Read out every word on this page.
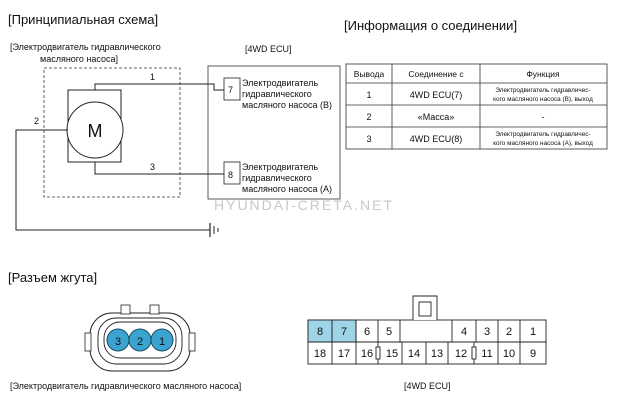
[Принципиальная схема]
[Электродвигатель гидравлического
масляного насоса]
[4WD ECU]
M
1
2
3
7
8
Электродвигатель
гидравлического
масляного насоса (B)
Электродвигатель
гидравлического
масляного насоса (A)
HYUNDAI-CRETA.NET
[Информация о соединении]
Вывода	Соединение с	Функция
1	4WD ECU(7)	Электродвигатель гидравличес-
кого масляного насоса (B), выход
2	«Масса»	-
3	4WD ECU(8)	Электродвигатель гидравличес-
кого масляного насоса (A), выход
[Разъем жгута]
3 2 1
[Электродвигатель гидравлического масляного насоса]
8 7 6 5	4 3 2 1
18 17 16 15 14 13 12 11 10 9
[4WD ECU]
